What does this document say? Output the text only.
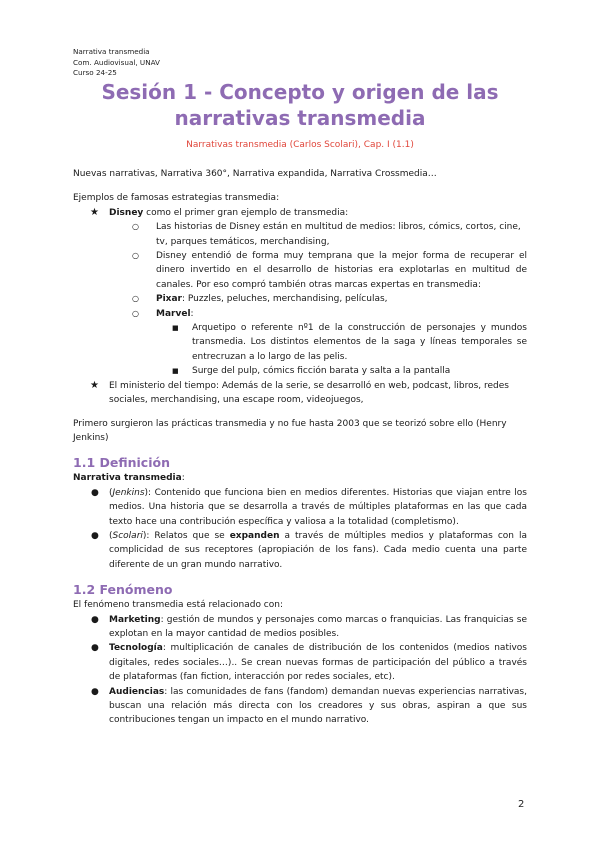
Narrativa transmedia
Com. Audiovisual, UNAV
Curso 24-25
Sesión 1 - Concepto y origen de las narrativas transmedia
Narrativas transmedia (Carlos Scolari), Cap. I (1.1)

Nuevas narrativas, Narrativa 360°, Narrativa expandida, Narrativa Crossmedia…

Ejemplos de famosas estrategias transmedia:

★ Disney como el primer gran ejemplo de transmedia:
○ Las historias de Disney están en multitud de medios: libros, cómics, cortos, cine, tv, parques temáticos, merchandising,
○ Disney entendió de forma muy temprana que la mejor forma de recuperar el dinero invertido en el desarrollo de historias era explotarlas en multitud de canales. Por eso compró también otras marcas expertas en transmedia:
○ Pixar: Puzzles, peluches, merchandising, películas,
○ Marvel:
■ Arquetipo o referente nº1 de la construcción de personajes y mundos transmedia. Los distintos elementos de la saga y líneas temporales se entrecruzan a lo largo de las pelis.
■ Surge del pulp, cómics ficción barata y salta a la pantalla
★ El ministerio del tiempo: Además de la serie, se desarrolló en web, podcast, libros, redes sociales, merchandising, una escape room, videojuegos,

Primero surgieron las prácticas transmedia y no fue hasta 2003 que se teorizó sobre ello (Henry Jenkins)

1.1 Definición

Narrativa transmedia:

● (Jenkins): Contenido que funciona bien en medios diferentes. Historias que viajan entre los medios. Una historia que se desarrolla a través de múltiples plataformas en las que cada texto hace una contribución específica y valiosa a la totalidad (completismo).
● (Scolari): Relatos que se expanden a través de múltiples medios y plataformas con la complicidad de sus receptores (apropiación de los fans). Cada medio cuenta una parte diferente de un gran mundo narrativo.
1.2 Fenómeno

El fenómeno transmedia está relacionado con:

● Marketing: gestión de mundos y personajes como marcas o franquicias. Las franquicias se explotan en la mayor cantidad de medios posibles.
● Tecnología: multiplicación de canales de distribución de los contenidos (medios nativos digitales, redes sociales…).. Se crean nuevas formas de participación del público a través de plataformas (fan fiction, interacción por redes sociales, etc).
● Audiencias: las comunidades de fans (fandom) demandan nuevas experiencias narrativas, buscan una relación más directa con los creadores y sus obras, aspiran a que sus contribuciones tengan un impacto en el mundo narrativo.
2
